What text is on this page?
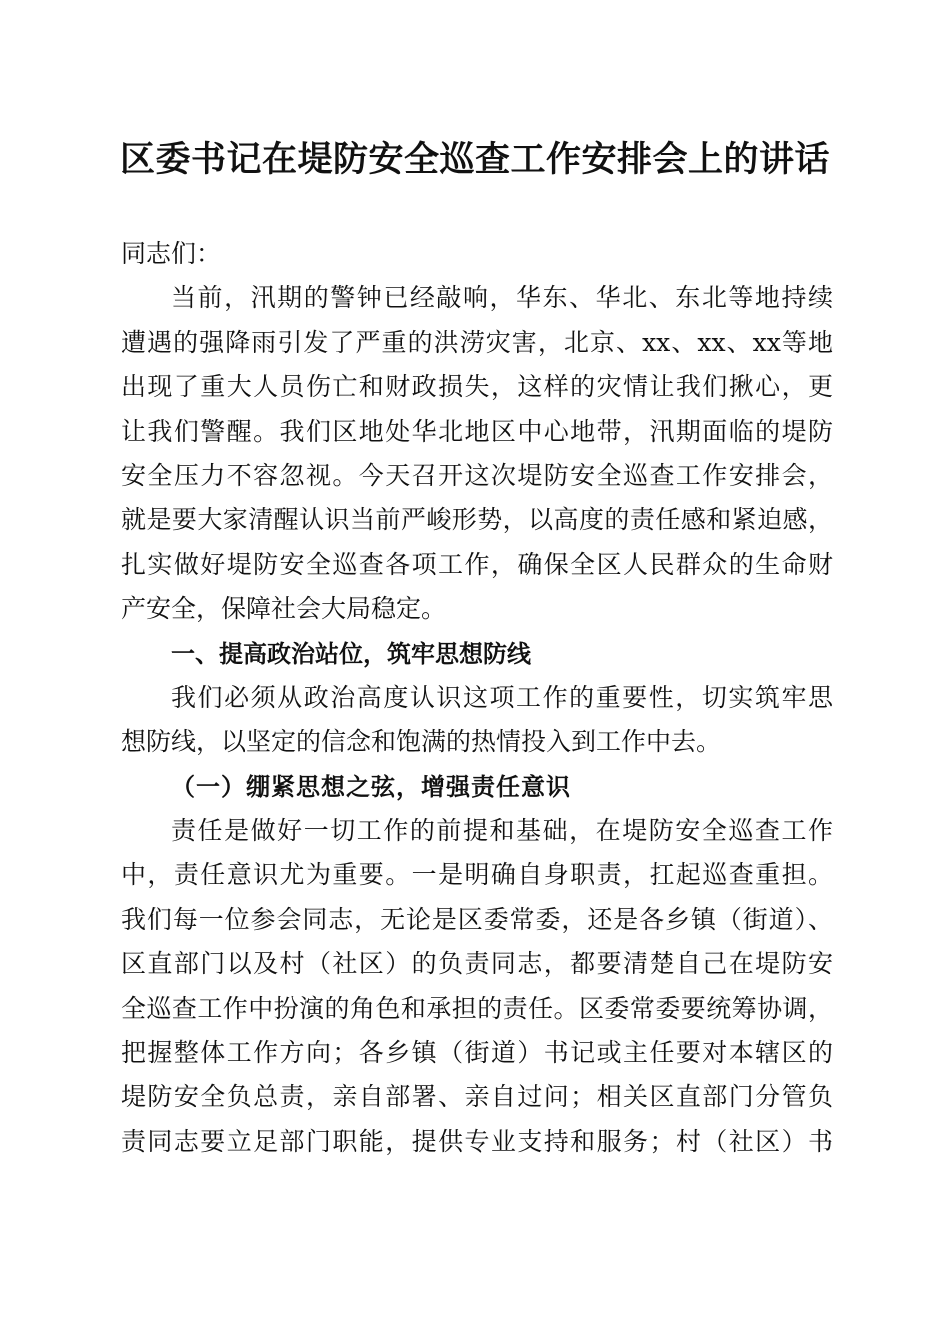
区委书记在堤防安全巡查工作安排会上的讲话
同志们：
当前，汛期的警钟已经敲响，华东、华北、东北等地持续
遭遇的强降雨引发了严重的洪涝灾害，北京、xx、xx、xx等地
出现了重大人员伤亡和财政损失，这样的灾情让我们揪心，更
让我们警醒。我们区地处华北地区中心地带，汛期面临的堤防
安全压力不容忽视。今天召开这次堤防安全巡查工作安排会，
就是要大家清醒认识当前严峻形势，以高度的责任感和紧迫感，
扎实做好堤防安全巡查各项工作，确保全区人民群众的生命财
产安全，保障社会大局稳定。
一、提高政治站位，筑牢思想防线
我们必须从政治高度认识这项工作的重要性，切实筑牢思
想防线，以坚定的信念和饱满的热情投入到工作中去。
（一）绷紧思想之弦，增强责任意识
责任是做好一切工作的前提和基础，在堤防安全巡查工作
中，责任意识尤为重要。一是明确自身职责，扛起巡查重担。
我们每一位参会同志，无论是区委常委，还是各乡镇（街道）、
区直部门以及村（社区）的负责同志，都要清楚自己在堤防安
全巡查工作中扮演的角色和承担的责任。区委常委要统筹协调，
把握整体工作方向；各乡镇（街道）书记或主任要对本辖区的
堤防安全负总责，亲自部署、亲自过问；相关区直部门分管负
责同志要立足部门职能，提供专业支持和服务；村（社区）书
